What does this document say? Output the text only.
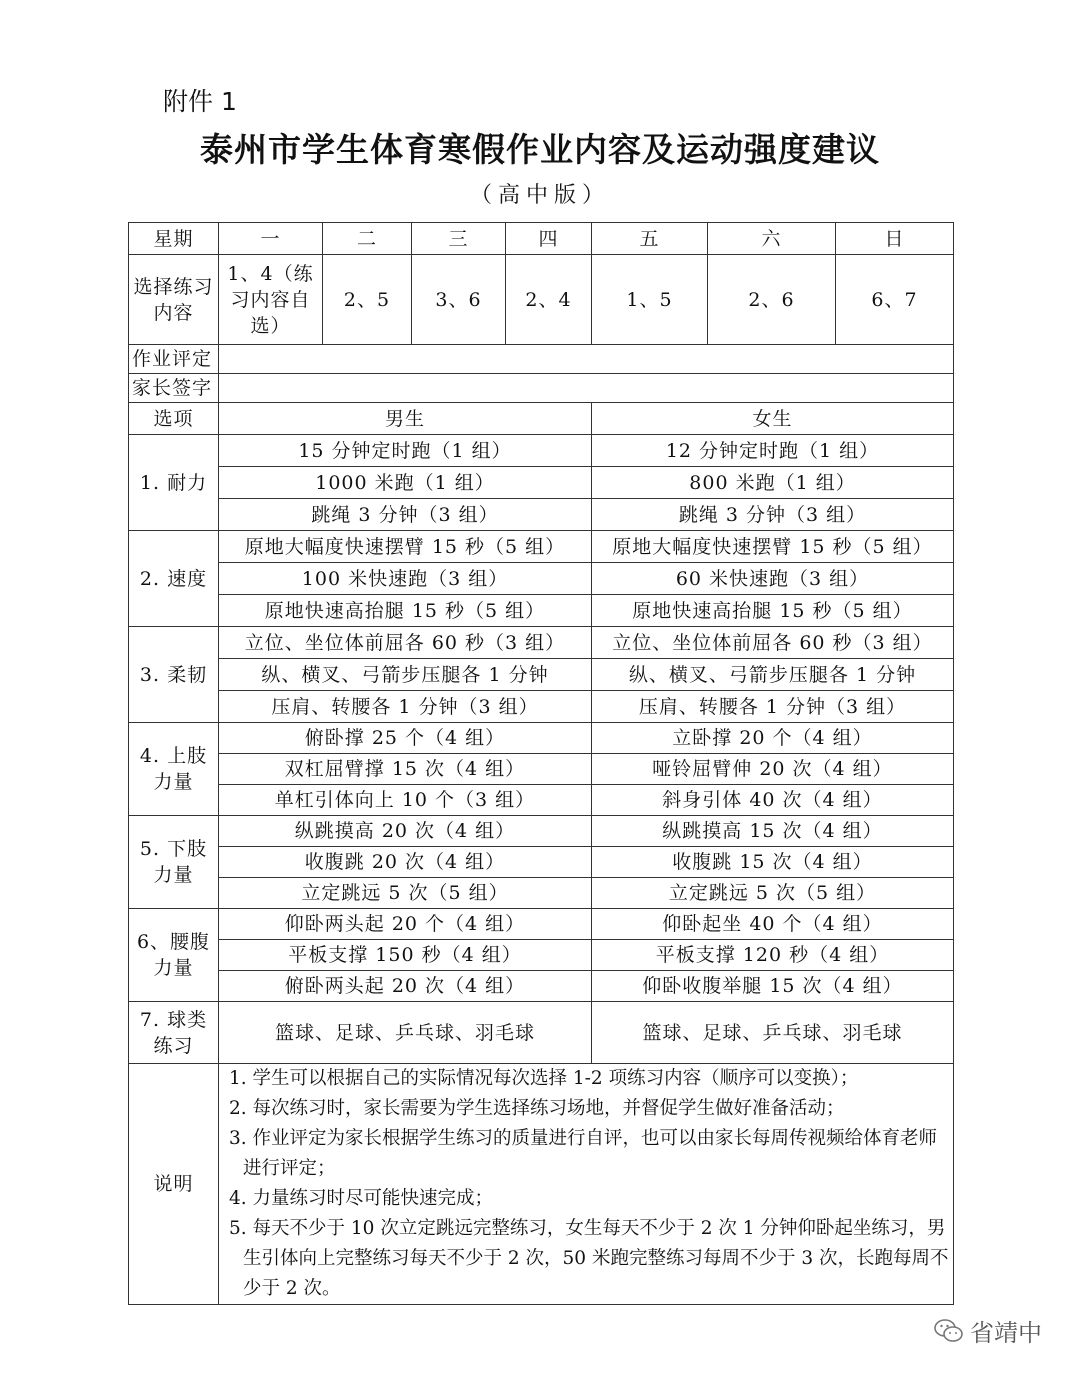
附件 1
泰州市学生体育寒假作业内容及运动强度建议
（高中版）
星期	一	二	三	四	五	六	日
选择练习内容	1、4（练习内容自选）	2、5	3、6	2、4	1、5	2、6	6、7
作业评定							
家长签字							
选项	男生				女生		
1. 耐力	15 分钟定时跑（1 组）				12 分钟定时跑（1 组）		
	1000 米跑（1 组）				800 米跑（1 组）		
	跳绳 3 分钟（3 组）				跳绳 3 分钟（3 组）		
2. 速度	原地大幅度快速摆臂 15 秒（5 组）				原地大幅度快速摆臂 15 秒（5 组）		
	100 米快速跑（3 组）				60 米快速跑（3 组）		
	原地快速高抬腿 15 秒（5 组）				原地快速高抬腿 15 秒（5 组）		
3. 柔韧	立位、坐位体前屈各 60 秒（3 组）				立位、坐位体前屈各 60 秒（3 组）		
	纵、横叉、弓箭步压腿各 1 分钟				纵、横叉、弓箭步压腿各 1 分钟		
	压肩、转腰各 1 分钟（3 组）				压肩、转腰各 1 分钟（3 组）		
4. 上肢力量	俯卧撑 25 个（4 组）				立卧撑 20 个（4 组）		
	双杠屈臂撑 15 次（4 组）				哑铃屈臂伸 20 次（4 组）		
	单杠引体向上 10 个（3 组）				斜身引体 40 次（4 组）		
5. 下肢力量	纵跳摸高 20 次（4 组）				纵跳摸高 15 次（4 组）		
	收腹跳 20 次（4 组）				收腹跳 15 次（4 组）		
	立定跳远 5 次（5 组）				立定跳远 5 次（5 组）		
6、腰腹力量	仰卧两头起 20 个（4 组）				仰卧起坐 40 个（4 组）		
	平板支撑 150 秒（4 组）				平板支撑 120 秒（4 组）		
	俯卧两头起 20 次（4 组）				仰卧收腹举腿 15 次（4 组）		
7. 球类练习	篮球、足球、乒乓球、羽毛球				篮球、足球、乒乓球、羽毛球		
说明	1. 学生可以根据自己的实际情况每次选择 1-2 项练习内容（顺序可以变换）；
2. 每次练习时，家长需要为学生选择练习场地，并督促学生做好准备活动；
3. 作业评定为家长根据学生练习的质量进行自评，也可以由家长每周传视频给体育老师进行评定；
4. 力量练习时尽可能快速完成；
5. 每天不少于 10 次立定跳远完整练习，女生每天不少于 2 次 1 分钟仰卧起坐练习，男生引体向上完整练习每天不少于 2 次，50 米跑完整练习每周不少于 3 次，长跑每周不少于 2 次。						
省靖中
